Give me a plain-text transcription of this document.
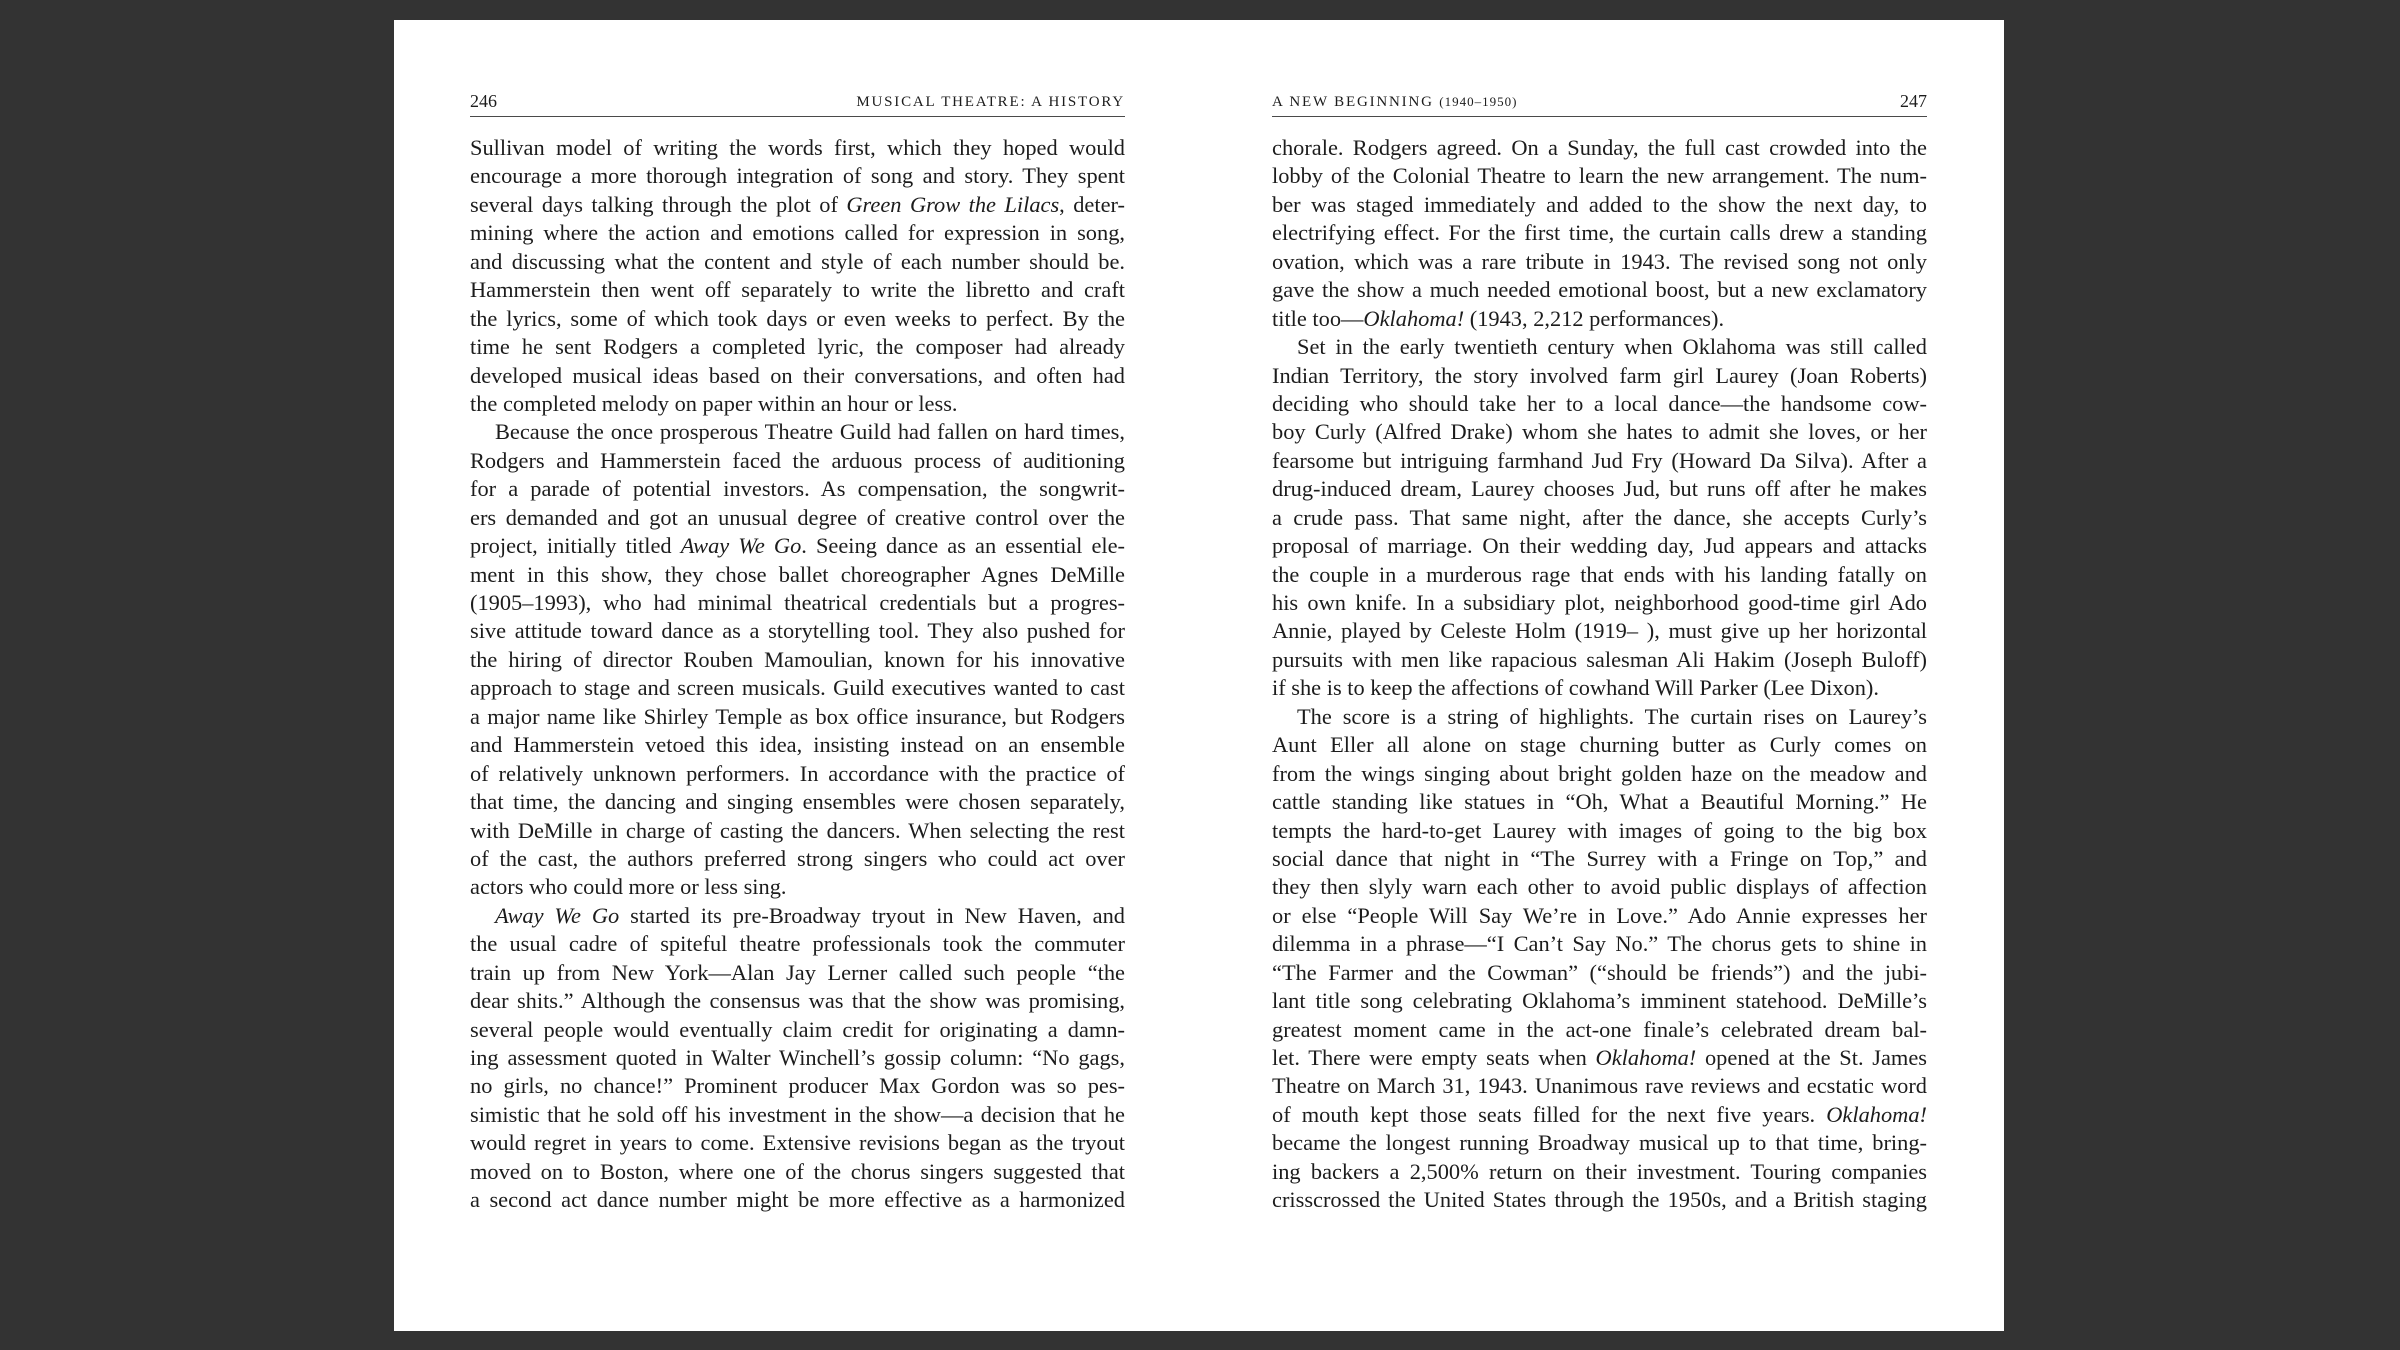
246	MUSICAL THEATRE: A HISTORY
Sullivan model of writing the words first, which they hoped would
encourage a more thorough integration of song and story. They spent
several days talking through the plot of Green Grow the Lilacs, deter-
mining where the action and emotions called for expression in song,
and discussing what the content and style of each number should be.
Hammerstein then went off separately to write the libretto and craft
the lyrics, some of which took days or even weeks to perfect. By the
time he sent Rodgers a completed lyric, the composer had already
developed musical ideas based on their conversations, and often had
the completed melody on paper within an hour or less.
Because the once prosperous Theatre Guild had fallen on hard times,
Rodgers and Hammerstein faced the arduous process of auditioning
for a parade of potential investors. As compensation, the songwrit-
ers demanded and got an unusual degree of creative control over the
project, initially titled Away We Go. Seeing dance as an essential ele-
ment in this show, they chose ballet choreographer Agnes DeMille
(1905–1993), who had minimal theatrical credentials but a progres-
sive attitude toward dance as a storytelling tool. They also pushed for
the hiring of director Rouben Mamoulian, known for his innovative
approach to stage and screen musicals. Guild executives wanted to cast
a major name like Shirley Temple as box office insurance, but Rodgers
and Hammerstein vetoed this idea, insisting instead on an ensemble
of relatively unknown performers. In accordance with the practice of
that time, the dancing and singing ensembles were chosen separately,
with DeMille in charge of casting the dancers. When selecting the rest
of the cast, the authors preferred strong singers who could act over
actors who could more or less sing.
Away We Go started its pre-Broadway tryout in New Haven, and
the usual cadre of spiteful theatre professionals took the commuter
train up from New York—Alan Jay Lerner called such people “the
dear shits.” Although the consensus was that the show was promising,
several people would eventually claim credit for originating a damn-
ing assessment quoted in Walter Winchell’s gossip column: “No gags,
no girls, no chance!” Prominent producer Max Gordon was so pes-
simistic that he sold off his investment in the show—a decision that he
would regret in years to come. Extensive revisions began as the tryout
moved on to Boston, where one of the chorus singers suggested that
a second act dance number might be more effective as a harmonized
A NEW BEGINNING (1940–1950)	247
chorale. Rodgers agreed. On a Sunday, the full cast crowded into the
lobby of the Colonial Theatre to learn the new arrangement. The num-
ber was staged immediately and added to the show the next day, to
electrifying effect. For the first time, the curtain calls drew a standing
ovation, which was a rare tribute in 1943. The revised song not only
gave the show a much needed emotional boost, but a new exclamatory
title too—Oklahoma! (1943, 2,212 performances).
Set in the early twentieth century when Oklahoma was still called
Indian Territory, the story involved farm girl Laurey (Joan Roberts)
deciding who should take her to a local dance—the handsome cow-
boy Curly (Alfred Drake) whom she hates to admit she loves, or her
fearsome but intriguing farmhand Jud Fry (Howard Da Silva). After a
drug-induced dream, Laurey chooses Jud, but runs off after he makes
a crude pass. That same night, after the dance, she accepts Curly’s
proposal of marriage. On their wedding day, Jud appears and attacks
the couple in a murderous rage that ends with his landing fatally on
his own knife. In a subsidiary plot, neighborhood good-time girl Ado
Annie, played by Celeste Holm (1919– ), must give up her horizontal
pursuits with men like rapacious salesman Ali Hakim (Joseph Buloff)
if she is to keep the affections of cowhand Will Parker (Lee Dixon).
The score is a string of highlights. The curtain rises on Laurey’s
Aunt Eller all alone on stage churning butter as Curly comes on
from the wings singing about bright golden haze on the meadow and
cattle standing like statues in “Oh, What a Beautiful Morning.” He
tempts the hard-to-get Laurey with images of going to the big box
social dance that night in “The Surrey with a Fringe on Top,” and
they then slyly warn each other to avoid public displays of affection
or else “People Will Say We’re in Love.” Ado Annie expresses her
dilemma in a phrase—“I Can’t Say No.” The chorus gets to shine in
“The Farmer and the Cowman” (“should be friends”) and the jubi-
lant title song celebrating Oklahoma’s imminent statehood. DeMille’s
greatest moment came in the act-one finale’s celebrated dream bal-
let. There were empty seats when Oklahoma! opened at the St. James
Theatre on March 31, 1943. Unanimous rave reviews and ecstatic word
of mouth kept those seats filled for the next five years. Oklahoma!
became the longest running Broadway musical up to that time, bring-
ing backers a 2,500% return on their investment. Touring companies
crisscrossed the United States through the 1950s, and a British staging
